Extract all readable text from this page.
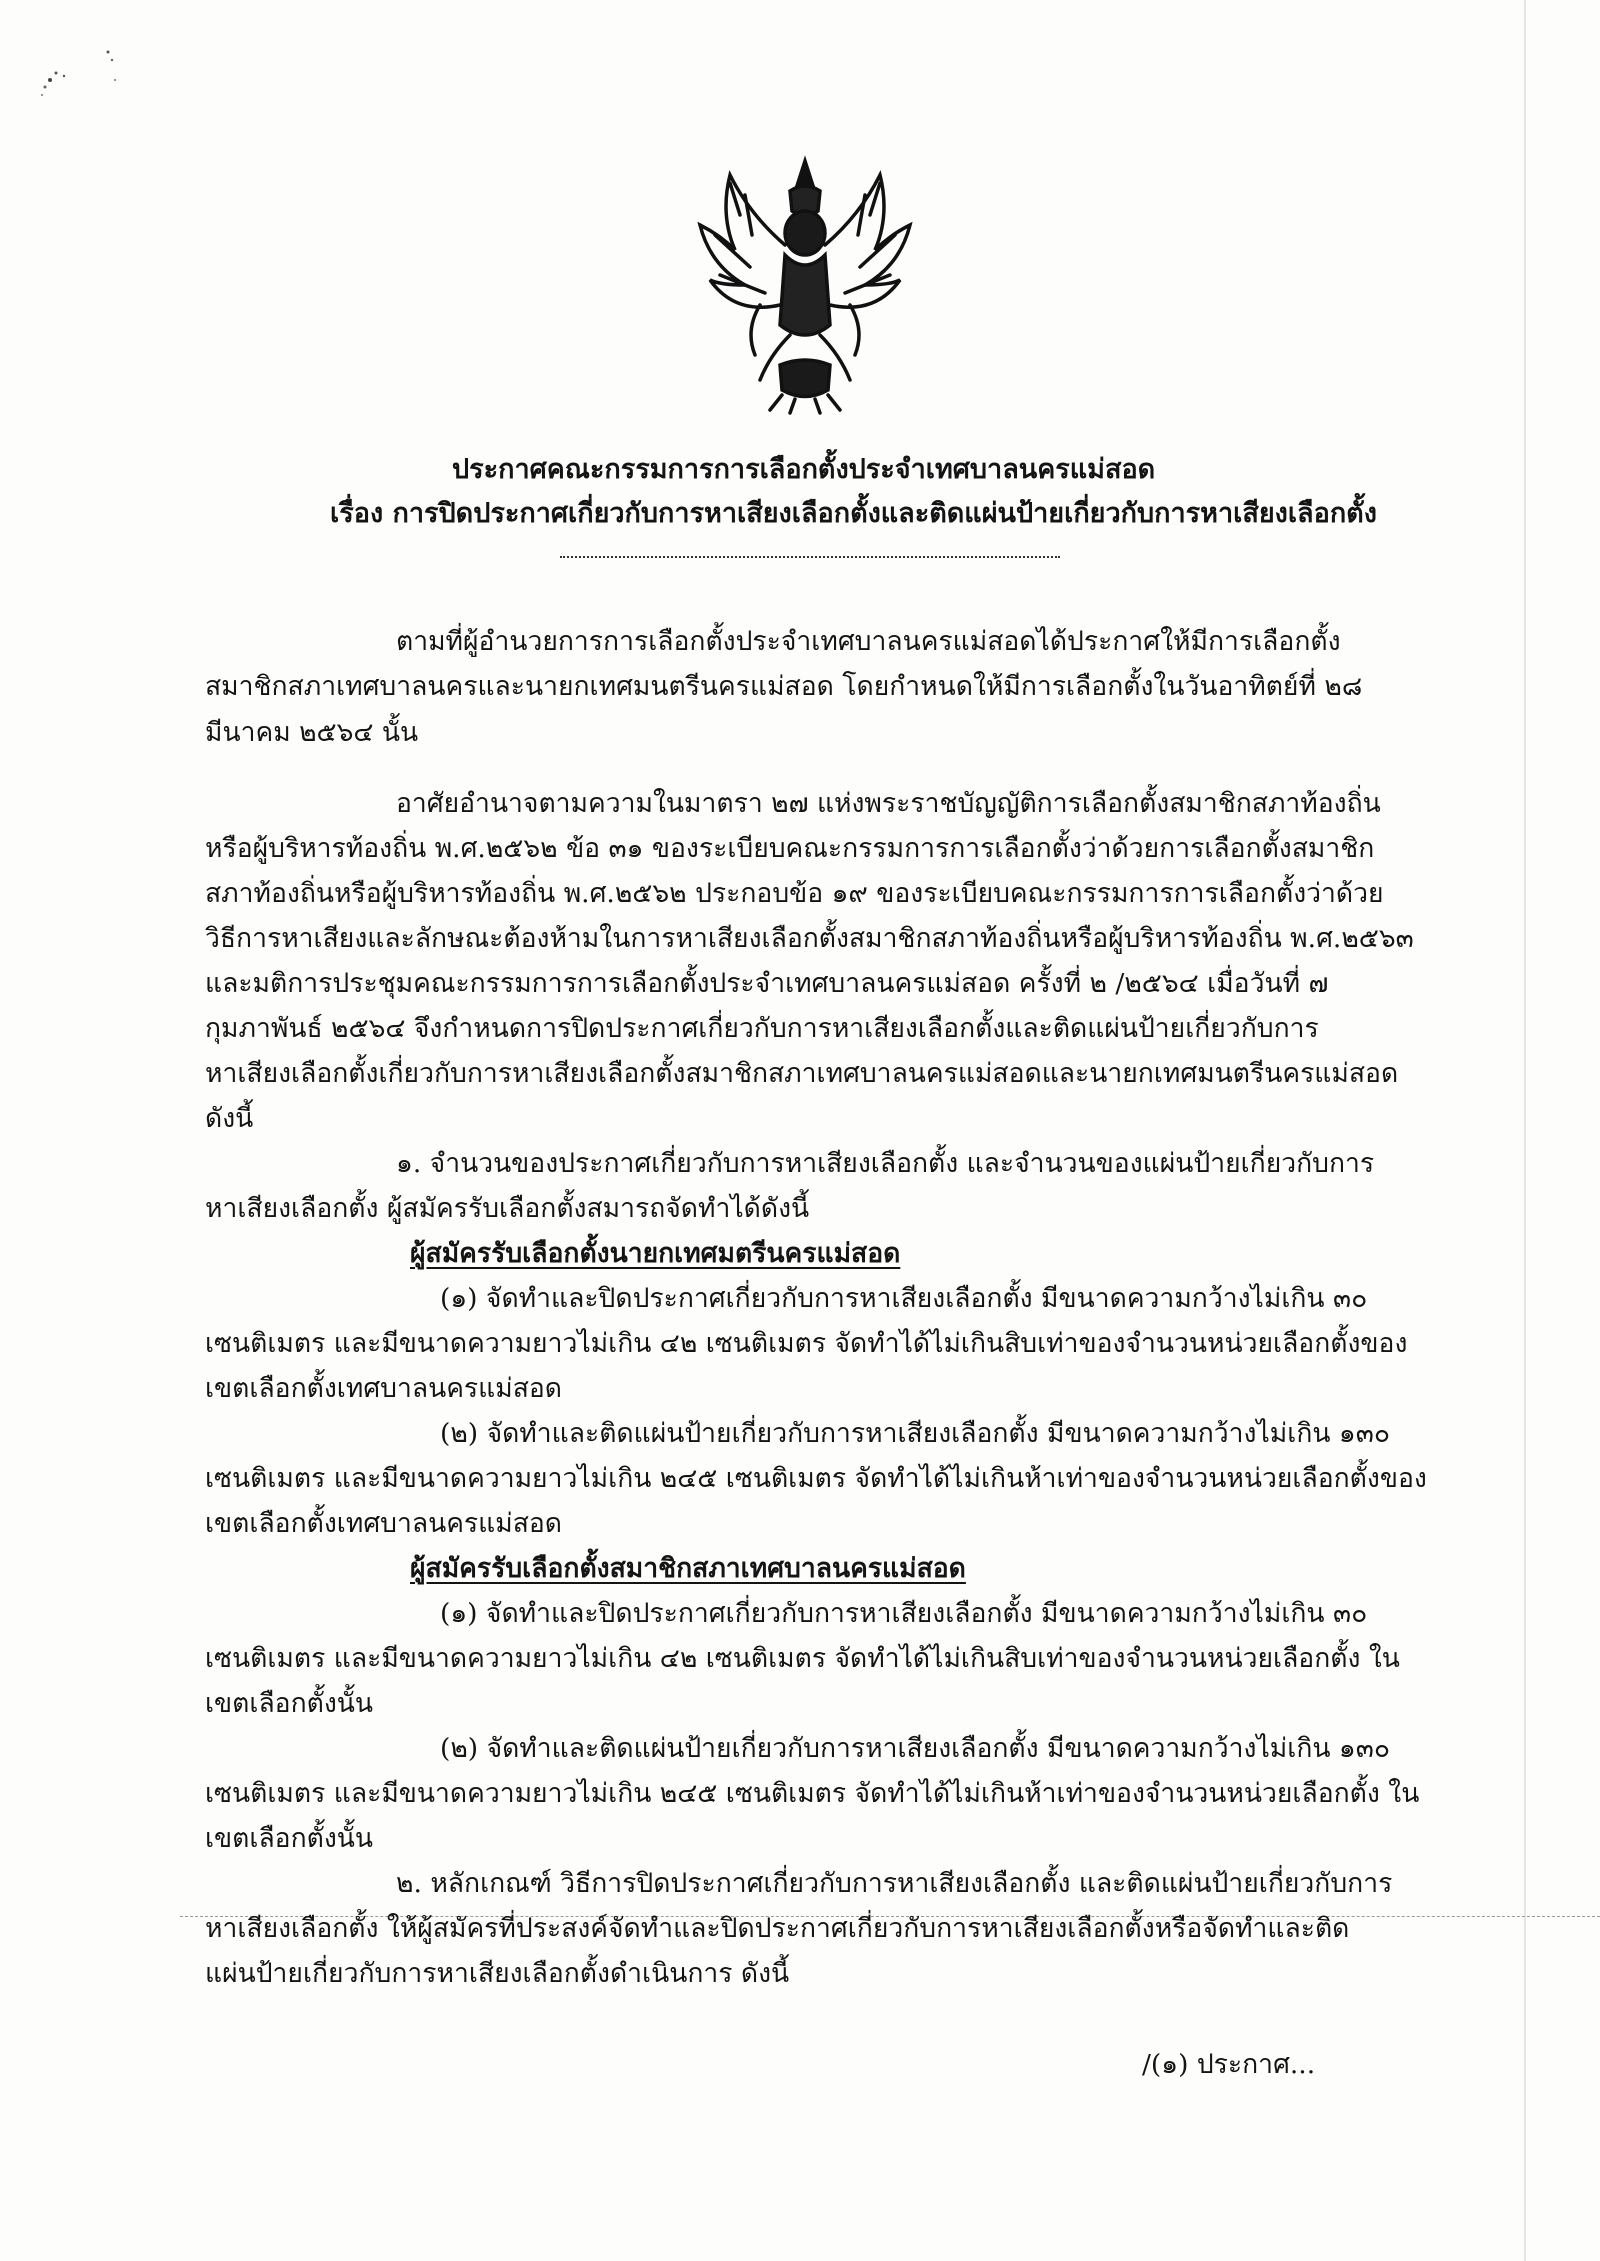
ประกาศคณะกรรมการการเลือกตั้งประจำเทศบาลนครแม่สอด
เรื่อง การปิดประกาศเกี่ยวกับการหาเสียงเลือกตั้งและติดแผ่นป้ายเกี่ยวกับการหาเสียงเลือกตั้ง
ตามที่ผู้อำนวยการการเลือกตั้งประจำเทศบาลนครแม่สอดได้ประกาศให้มีการเลือกตั้ง
สมาชิกสภาเทศบาลนครและนายกเทศมนตรีนครแม่สอด โดยกำหนดให้มีการเลือกตั้งในวันอาทิตย์ที่ ๒๘
มีนาคม ๒๕๖๔ นั้น
อาศัยอำนาจตามความในมาตรา ๒๗ แห่งพระราชบัญญัติการเลือกตั้งสมาชิกสภาท้องถิ่น
หรือผู้บริหารท้องถิ่น พ.ศ.๒๕๖๒ ข้อ ๓๑ ของระเบียบคณะกรรมการการเลือกตั้งว่าด้วยการเลือกตั้งสมาชิก
สภาท้องถิ่นหรือผู้บริหารท้องถิ่น พ.ศ.๒๕๖๒ ประกอบข้อ ๑๙ ของระเบียบคณะกรรมการการเลือกตั้งว่าด้วย
วิธีการหาเสียงและลักษณะต้องห้ามในการหาเสียงเลือกตั้งสมาชิกสภาท้องถิ่นหรือผู้บริหารท้องถิ่น พ.ศ.๒๕๖๓
และมติการประชุมคณะกรรมการการเลือกตั้งประจำเทศบาลนครแม่สอด ครั้งที่ ๒ /๒๕๖๔ เมื่อวันที่ ๗
กุมภาพันธ์ ๒๕๖๔ จึงกำหนดการปิดประกาศเกี่ยวกับการหาเสียงเลือกตั้งและติดแผ่นป้ายเกี่ยวกับการ
หาเสียงเลือกตั้งเกี่ยวกับการหาเสียงเลือกตั้งสมาชิกสภาเทศบาลนครแม่สอดและนายกเทศมนตรีนครแม่สอด
ดังนี้
๑. จำนวนของประกาศเกี่ยวกับการหาเสียงเลือกตั้ง และจำนวนของแผ่นป้ายเกี่ยวกับการ
หาเสียงเลือกตั้ง ผู้สมัครรับเลือกตั้งสมารถจัดทำได้ดังนี้
ผู้สมัครรับเลือกตั้งนายกเทศมตรีนครแม่สอด
(๑) จัดทำและปิดประกาศเกี่ยวกับการหาเสียงเลือกตั้ง มีขนาดความกว้างไม่เกิน ๓๐
เซนติเมตร และมีขนาดความยาวไม่เกิน ๔๒ เซนติเมตร จัดทำได้ไม่เกินสิบเท่าของจำนวนหน่วยเลือกตั้งของ
เขตเลือกตั้งเทศบาลนครแม่สอด
(๒) จัดทำและติดแผ่นป้ายเกี่ยวกับการหาเสียงเลือกตั้ง มีขนาดความกว้างไม่เกิน ๑๓๐
เซนติเมตร และมีขนาดความยาวไม่เกิน ๒๔๕ เซนติเมตร จัดทำได้ไม่เกินห้าเท่าของจำนวนหน่วยเลือกตั้งของ
เขตเลือกตั้งเทศบาลนครแม่สอด
ผู้สมัครรับเลือกตั้งสมาชิกสภาเทศบาลนครแม่สอด
(๑) จัดทำและปิดประกาศเกี่ยวกับการหาเสียงเลือกตั้ง มีขนาดความกว้างไม่เกิน ๓๐
เซนติเมตร และมีขนาดความยาวไม่เกิน ๔๒ เซนติเมตร จัดทำได้ไม่เกินสิบเท่าของจำนวนหน่วยเลือกตั้ง ใน
เขตเลือกตั้งนั้น
(๒) จัดทำและติดแผ่นป้ายเกี่ยวกับการหาเสียงเลือกตั้ง มีขนาดความกว้างไม่เกิน ๑๓๐
เซนติเมตร และมีขนาดความยาวไม่เกิน ๒๔๕ เซนติเมตร จัดทำได้ไม่เกินห้าเท่าของจำนวนหน่วยเลือกตั้ง ใน
เขตเลือกตั้งนั้น
๒. หลักเกณฑ์ วิธีการปิดประกาศเกี่ยวกับการหาเสียงเลือกตั้ง และติดแผ่นป้ายเกี่ยวกับการ
หาเสียงเลือกตั้ง ให้ผู้สมัครที่ประสงค์จัดทำและปิดประกาศเกี่ยวกับการหาเสียงเลือกตั้งหรือจัดทำและติด
แผ่นป้ายเกี่ยวกับการหาเสียงเลือกตั้งดำเนินการ ดังนี้
/(๑) ประกาศ...
